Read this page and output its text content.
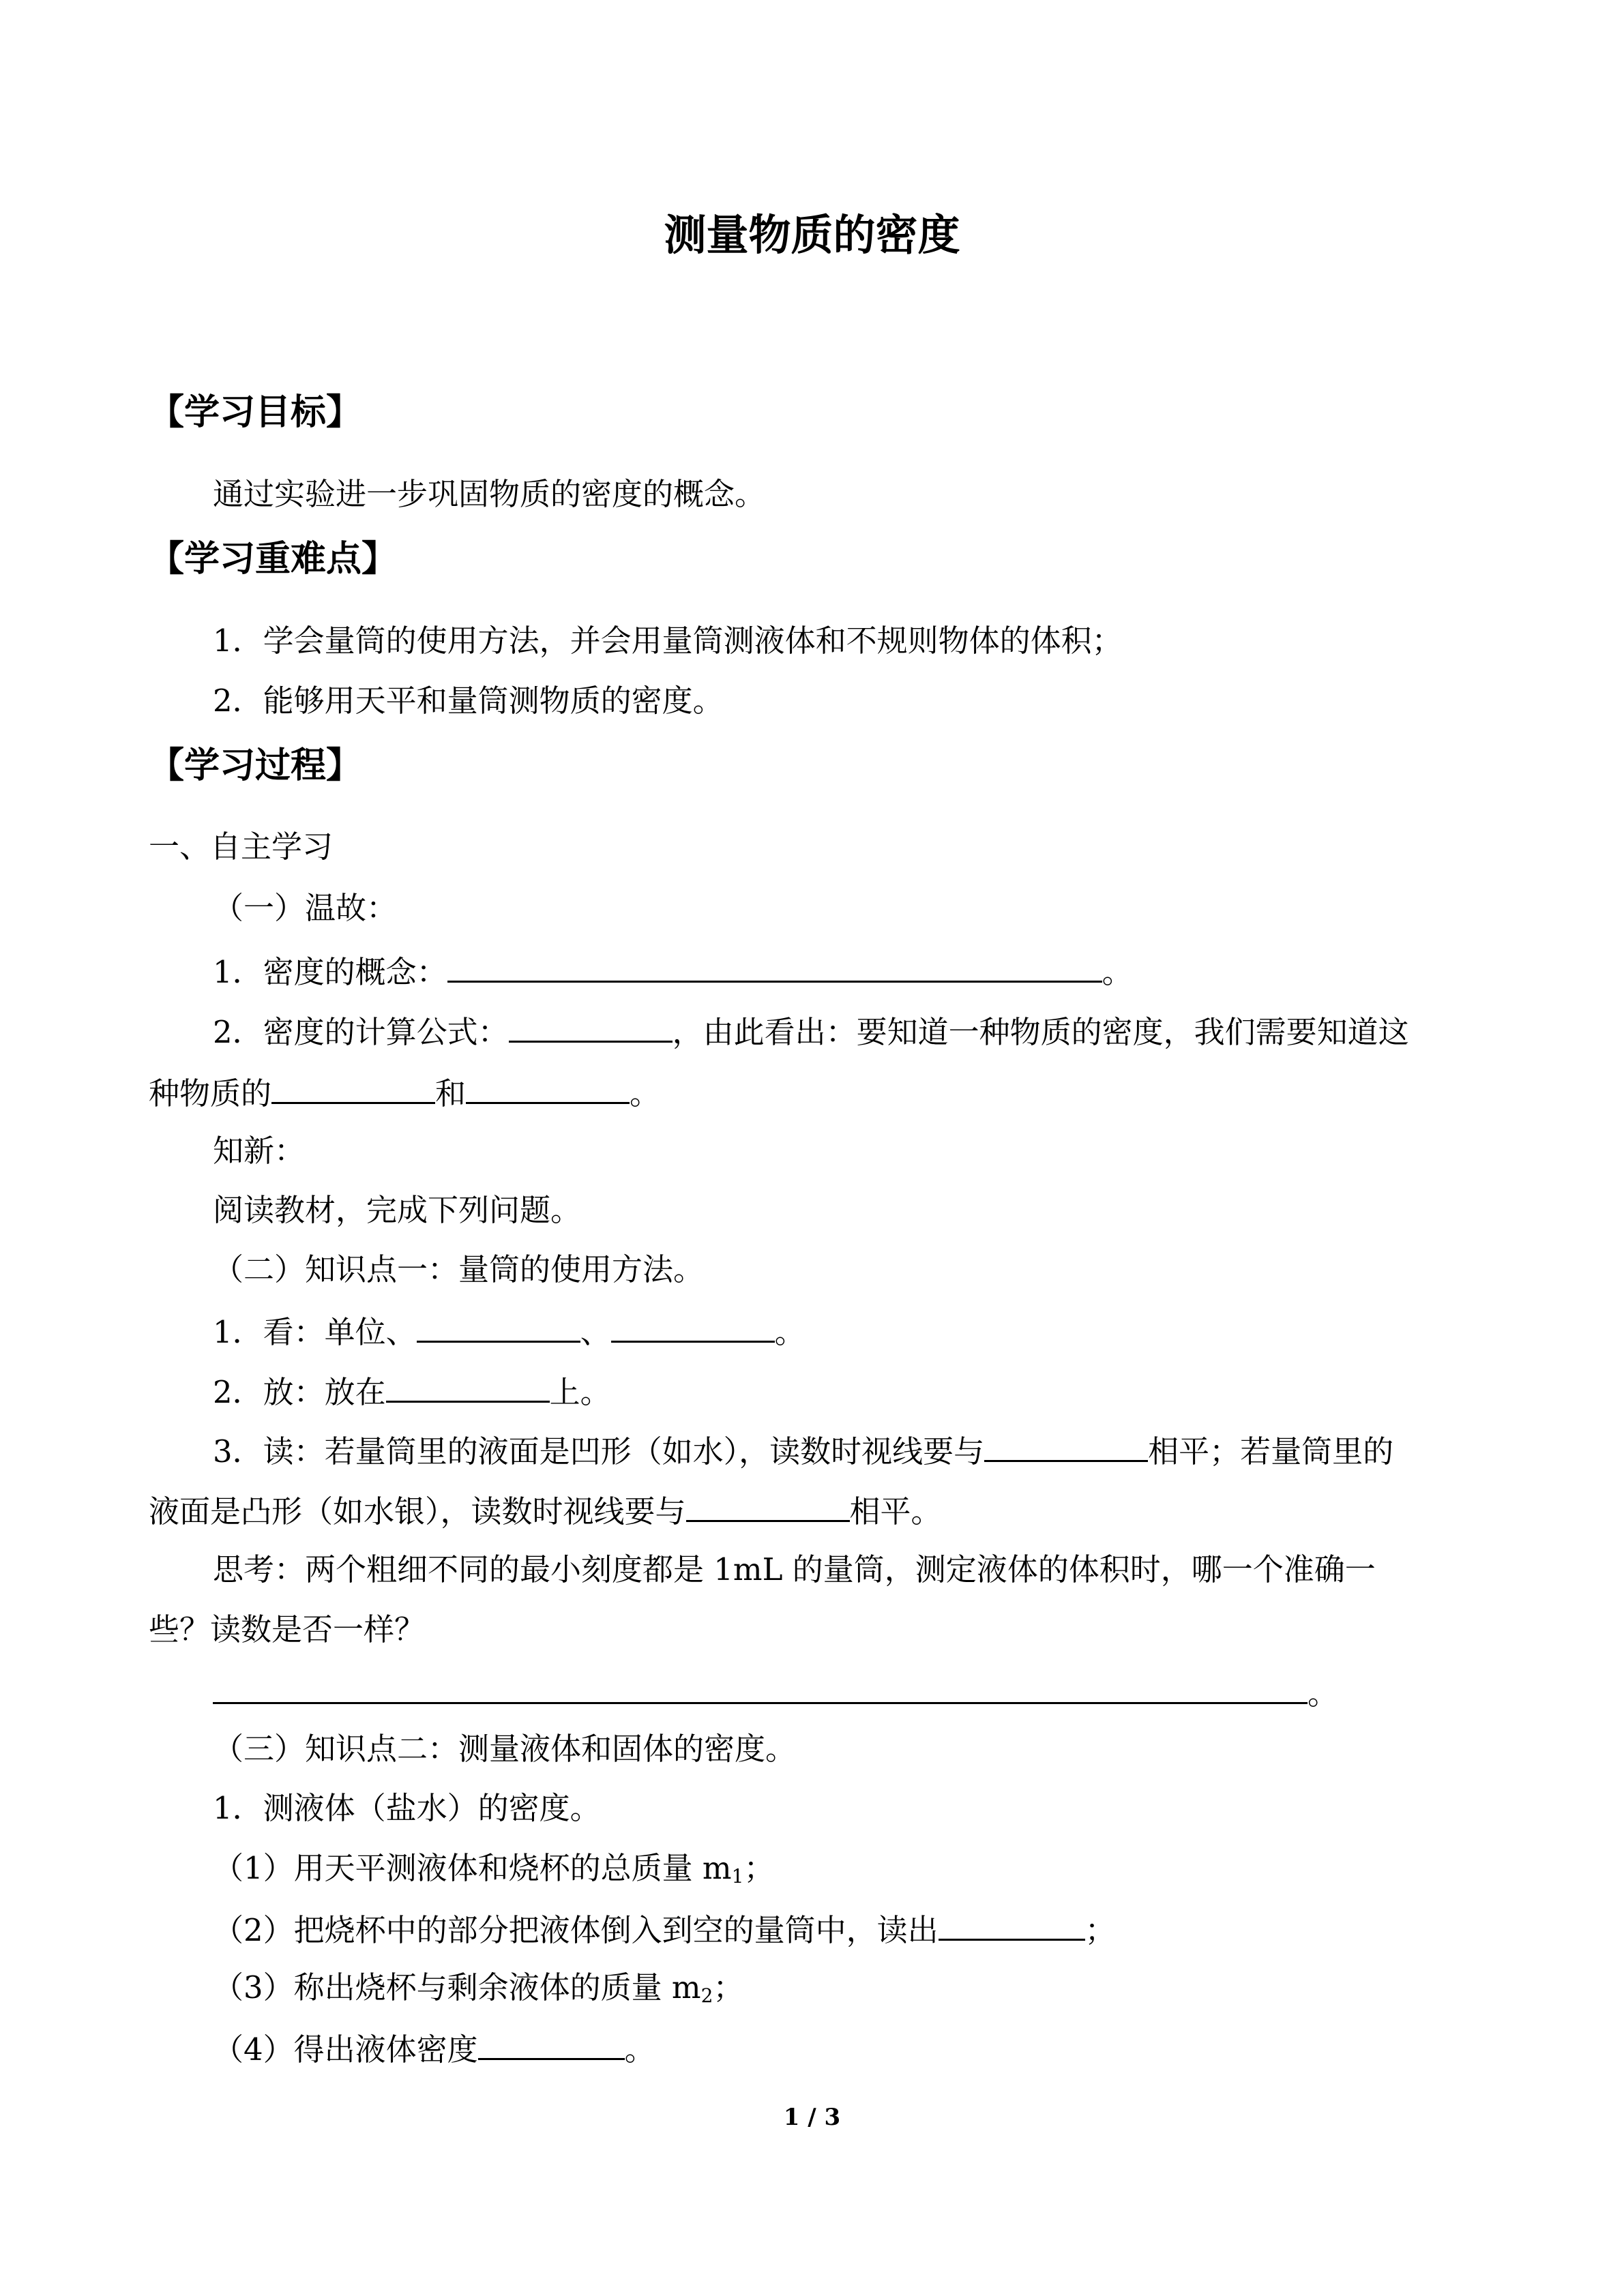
测量物质的密度
【学习目标】
通过实验进一步巩固物质的密度的概念。
【学习重难点】
1．学会量筒的使用方法，并会用量筒测液体和不规则物体的体积；
2．能够用天平和量筒测物质的密度。
【学习过程】
一、自主学习
（一）温故：
1．密度的概念：	。
2．密度的计算公式：	，由此看出：要知道一种物质的密度，我们需要知道这
种物质的	和	。
知新：
阅读教材，完成下列问题。
（二）知识点一：量筒的使用方法。
1．看：单位、	、	。
2．放：放在	上。
3．读：若量筒里的液面是凹形（如水），读数时视线要与	相平；若量筒里的
液面是凸形（如水银），读数时视线要与	相平。
思考：两个粗细不同的最小刻度都是 1mL 的量筒，测定液体的体积时，哪一个准确一
些？读数是否一样？
。
（三）知识点二：测量液体和固体的密度。
1．测液体（盐水）的密度。
（1）用天平测液体和烧杯的总质量 $m_1$；
（2）把烧杯中的部分把液体倒入到空的量筒中，读出	；
（3）称出烧杯与剩余液体的质量 $m_2$；
（4）得出液体密度	。
1 / 3
